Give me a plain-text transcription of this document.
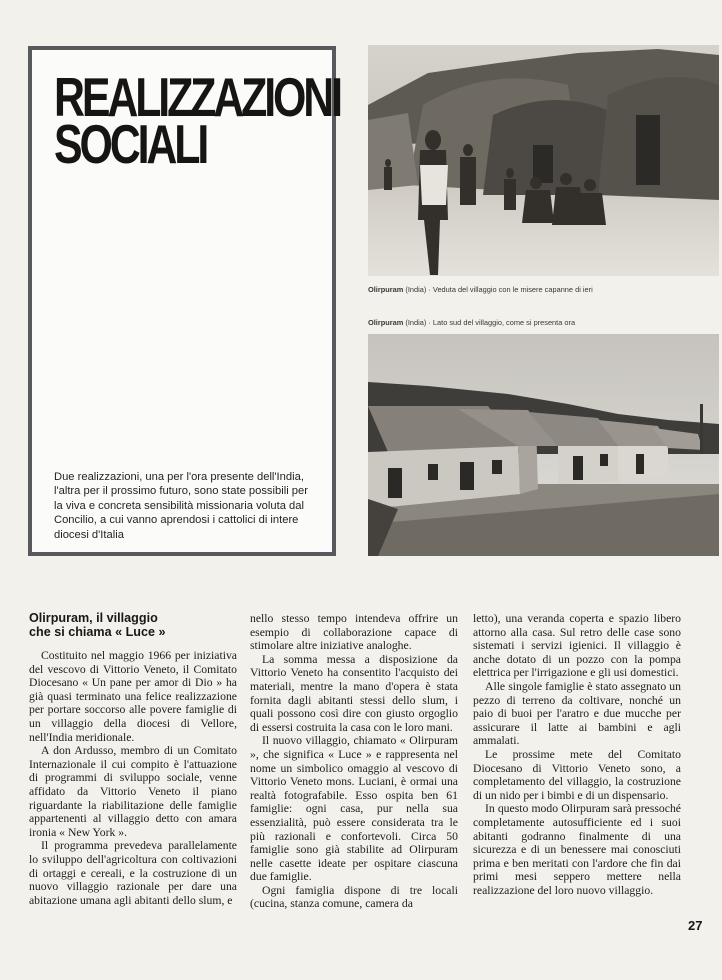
REALIZZAZIONI
SOCIALI

Due realizzazioni, una per l'ora presente dell'India, l'altra per il prossimo futuro, sono state possibili per la viva e concreta sensibilità missionaria voluta dal Concilio, a cui vanno aprendosi i cattolici di intere diocesi d'Italia

Olirpuram (India) · Veduta del villaggio con le misere capanne di ieri

Olirpuram (India) · Lato sud del villaggio, come si presenta ora

Olirpuram, il villaggio
che si chiama « Luce »

Costituito nel maggio 1966 per iniziativa del vescovo di Vittorio Veneto, il Comitato Diocesano « Un pane per amor di Dio » ha già quasi terminato una felice realizzazione per portare soccorso alle povere famiglie di un villaggio della diocesi di Vellore, nell'India meridionale.

A don Ardusso, membro di un Comitato Internazionale il cui compito è l'attuazione di programmi di sviluppo sociale, venne affidato da Vittorio Veneto il piano riguardante la riabilitazione delle famiglie appartenenti al villaggio detto con amara ironia « New York ».

Il programma prevedeva parallelamente lo sviluppo dell'agricoltura con coltivazioni di ortaggi e cereali, e la costruzione di un nuovo villaggio razionale per dare una abitazione umana agli abitanti dello slum, e

nello stesso tempo intendeva offrire un esempio di collaborazione capace di stimolare altre iniziative analoghe.

La somma messa a disposizione da Vittorio Veneto ha consentito l'acquisto dei materiali, mentre la mano d'opera è stata fornita dagli abitanti stessi dello slum, i quali possono così dire con giusto orgoglio di essersi costruita la casa con le loro mani.

Il nuovo villaggio, chiamato « Olirpuram », che significa « Luce » e rappresenta nel nome un simbolico omaggio al vescovo di Vittorio Veneto mons. Luciani, è ormai una realtà fotografabile. Esso ospita ben 61 famiglie: ogni casa, pur nella sua essenzialità, può essere considerata tra le più razionali e confortevoli. Circa 50 famiglie sono già stabilite ad Olirpuram nelle casette ideate per ospitare ciascuna due famiglie.

Ogni famiglia dispone di tre locali (cucina, stanza comune, camera da

letto), una veranda coperta e spazio libero attorno alla casa. Sul retro delle case sono sistemati i servizi igienici. Il villaggio è anche dotato di un pozzo con la pompa elettrica per l'irrigazione e gli usi domestici.

Alle singole famiglie è stato assegnato un pezzo di terreno da coltivare, nonché un paio di buoi per l'aratro e due mucche per assicurare il latte ai bambini e agli ammalati.

Le prossime mete del Comitato Diocesano di Vittorio Veneto sono, a completamento del villaggio, la costruzione di un nido per i bimbi e di un dispensario.

In questo modo Olirpuram sarà pressoché completamente autosufficiente ed i suoi abitanti godranno finalmente di una sicurezza e di un benessere mai conosciuti prima e ben meritati con l'ardore che fin dai primi mesi seppero mettere nella realizzazione del loro nuovo villaggio.

27
